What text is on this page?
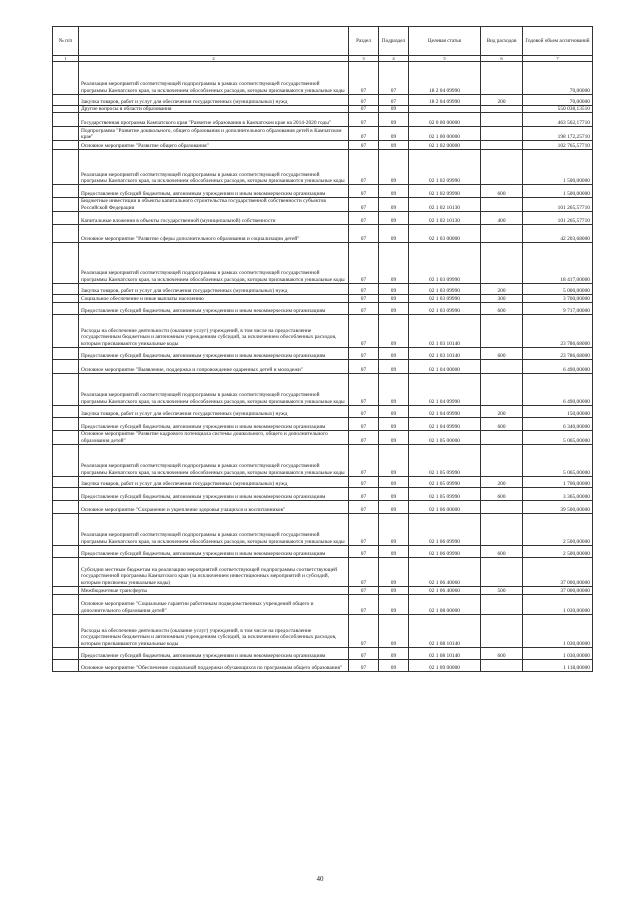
№ п/п		Раздел	Подраздел	Целевая статья	Вид расходов	Годовой объем ассигнований
1	2	3	4	5	6	7
	Реализация мероприятий соответствующей подпрограммы в рамках соответствующей государственной программы Камчатского края, за исключением обособленных расходов, которым присваиваются уникальные коды	07	07	18 2 04 09990		70,00000
	Закупка товаров, работ и услуг для обеспечения государственных (муниципальных) нужд	07	07	18 2 04 09990	200	70,00000
	Другие вопросы в области образования	07	09			550 038,13510
	Государственная программа Камчатского края "Развитие образования в Камчатском крае на 2014-2020 годы"	07	09	02 0 00 00000		463 562,17710
	Подпрограмма "Развитие дошкольного, общего образования и дополнительного образования детей в Камчатском крае"	07	09	02 1 00 00000		198 172,25710
	Основное мероприятие "Развитие общего образования"	07	09	02 1 02 00000		102 765,57710
	Реализация мероприятий соответствующей подпрограммы в рамках соответствующей государственной программы Камчатского края, за исключением обособленных расходов, которым присваиваются уникальные коды	07	09	02 1 02 09990		1 500,00000
	Предоставление субсидий бюджетным, автономным учреждениям и иным некоммерческим организациям	07	09	02 1 02 09990	600	1 500,00000
	Бюджетные инвестиции в объекты капитального строительства государственной собственности субъектов Российской Федерации	07	09	02 1 02 10130		101 265,57710
	Капитальные вложения в объекты государственной (муниципальной) собственности	07	09	02 1 02 10130	400	101 265,57710
	Основное мероприятие "Развитие сферы дополнительного образования и социализации детей"	07	09	02 1 03 00000		42 203,68000
	Реализация мероприятий соответствующей подпрограммы в рамках соответствующей государственной программы Камчатского края, за исключением обособленных расходов, которым присваиваются уникальные коды	07	09	02 1 03 09990		18 417,00000
	Закупка товаров, работ и услуг для обеспечения государственных (муниципальных) нужд	07	09	02 1 03 09990	200	5 000,00000
	Социальное обеспечение и иные выплаты населению	07	09	02 1 03 09990	300	3 700,00000
	Предоставление субсидий бюджетным, автономным учреждениям и иным некоммерческим организациям	07	09	02 1 03 09990	600	9 717,00000
	Расходы на обеспечение деятельности (оказание услуг) учреждений, в том числе на предоставление государственным бюджетным и автономным учреждениям субсидий, за исключением обособленных расходов, которым присваиваются уникальные коды	07	09	02 1 03 10140		23 786,68000
	Предоставление субсидий бюджетным, автономным учреждениям и иным некоммерческим организациям	07	09	02 1 03 10140	600	23 786,68000
	Основное мероприятие "Выявление, поддержка и сопровождение одаренных детей и молодежи"	07	09	02 1 04 00000		6 490,00000
	Реализация мероприятий соответствующей подпрограммы в рамках соответствующей государственной программы Камчатского края, за исключением обособленных расходов, которым присваиваются уникальные коды	07	09	02 1 04 09990		6 490,00000
	Закупка товаров, работ и услуг для обеспечения государственных (муниципальных) нужд	07	09	02 1 04 09990	200	150,00000
	Предоставление субсидий бюджетным, автономным учреждениям и иным некоммерческим организациям	07	09	02 1 04 09990	600	6 340,00000
	Основное мероприятие "Развитие кадрового потенциала системы дошкольного, общего и дополнительного образования детей"	07	09	02 1 05 00000		5 065,00000
	Реализация мероприятий соответствующей подпрограммы в рамках соответствующей государственной программы Камчатского края, за исключением обособленных расходов, которым присваиваются уникальные коды	07	09	02 1 05 09990		5 065,00000
	Закупка товаров, работ и услуг для обеспечения государственных (муниципальных) нужд	07	09	02 1 05 09990	200	1 700,00000
	Предоставление субсидий бюджетным, автономным учреждениям и иным некоммерческим организациям	07	09	02 1 05 09990	600	3 365,00000
	Основное мероприятие "Сохранение и укрепление здоровья учащихся и воспитанников"	07	09	02 1 06 00000		39 500,00000
	Реализация мероприятий соответствующей подпрограммы в рамках соответствующей государственной программы Камчатского края, за исключением обособленных расходов, которым присваиваются уникальные коды	07	09	02 1 06 09990		2 500,00000
	Предоставление субсидий бюджетным, автономным учреждениям и иным некоммерческим организациям	07	09	02 1 06 09990	600	2 500,00000
	Субсидии местным бюджетам на реализацию мероприятий соответствующей подпрограммы соответствующей государственной программы Камчатского края (за исключением инвестиционных мероприятий и субсидий, которым присвоены уникальные коды)	07	09	02 1 06 40060		37 000,00000
	Межбюджетные трансферты	07	09	02 1 06 40060	500	37 000,00000
	Основное мероприятие "Социальные гарантии работникам подведомственных учреждений общего и дополнительного образования детей"	07	09	02 1 08 00000		1 030,00000
	Расходы на обеспечение деятельности (оказание услуг) учреждений, в том числе на предоставление государственным бюджетным и автономным учреждениям субсидий, за исключением обособленных расходов, которым присваиваются уникальные коды	07	09	02 1 08 10140		1 030,00000
	Предоставление субсидий бюджетным, автономным учреждениям и иным некоммерческим организациям	07	09	02 1 08 10140	600	1 030,00000
	Основное мероприятие "Обеспечение социальной поддержки обучающихся по программам общего образования"	07	09	02 1 09 00000		1 118,00000
40
